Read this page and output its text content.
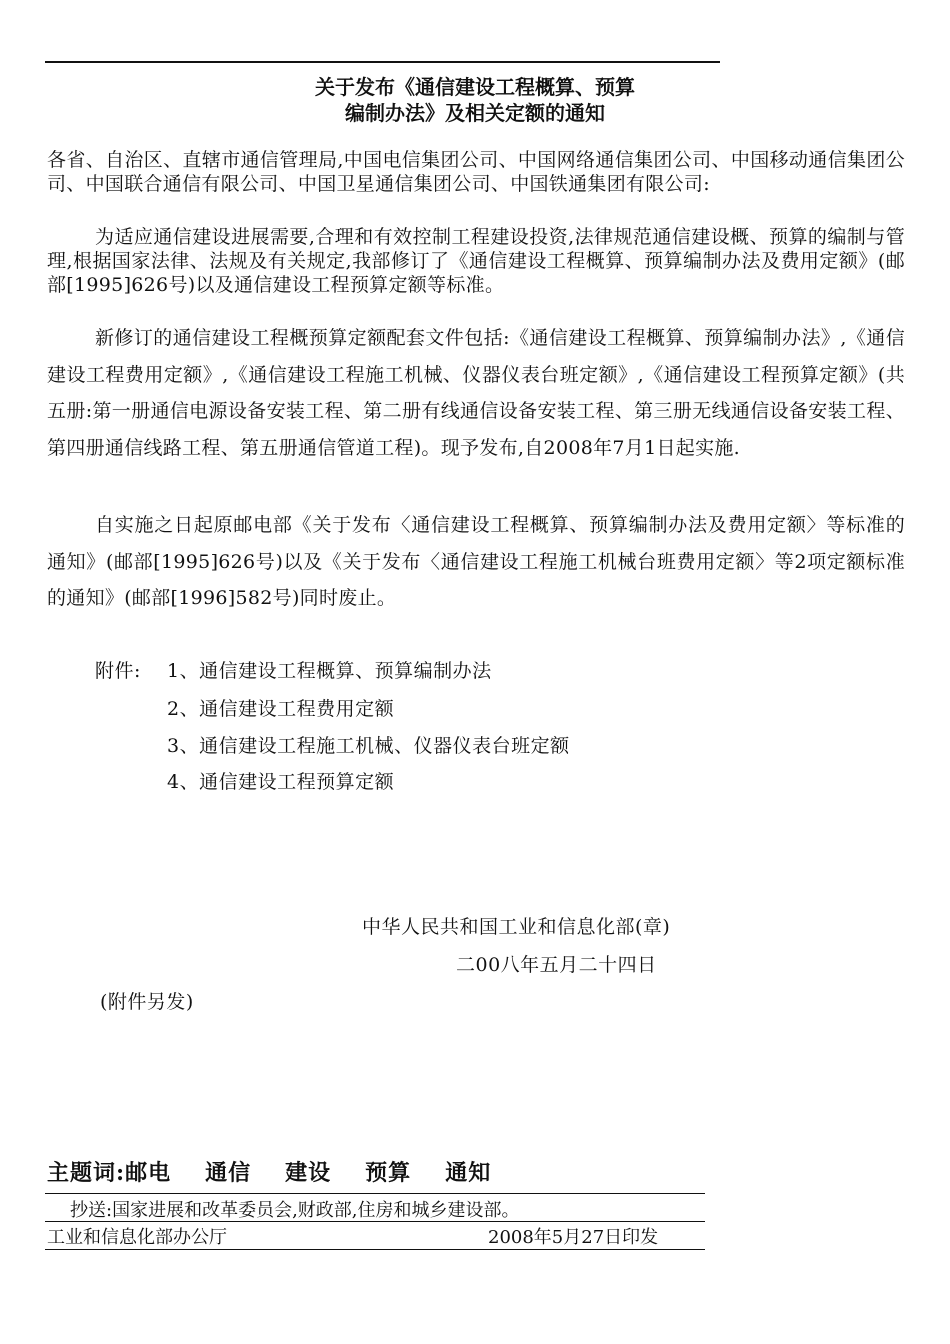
关于发布《通信建设工程概算、预算
编制办法》及相关定额的通知
各省、自治区、直辖市通信管理局,中国电信集团公司、中国网络通信集团公司、中国移动通信集团公司、中国联合通信有限公司、中国卫星通信集团公司、中国铁通集团有限公司:
为适应通信建设进展需要,合理和有效控制工程建设投资,法律规范通信建设概、预算的编制与管理,根据国家法律、法规及有关规定,我部修订了《通信建设工程概算、预算编制办法及费用定额》(邮部[1995]626号)以及通信建设工程预算定额等标准。
新修订的通信建设工程概预算定额配套文件包括:《通信建设工程概算、预算编制办法》,《通信建设工程费用定额》,《通信建设工程施工机械、仪器仪表台班定额》,《通信建设工程预算定额》(共五册:第一册通信电源设备安装工程、第二册有线通信设备安装工程、第三册无线通信设备安装工程、第四册通信线路工程、第五册通信管道工程)。现予发布,自2008年7月1日起实施.
自实施之日起原邮电部《关于发布〈通信建设工程概算、预算编制办法及费用定额〉等标准的通知》(邮部[1995]626号)以及《关于发布〈通信建设工程施工机械台班费用定额〉等2项定额标准的通知》(邮部[1996]582号)同时废止。
附件: 1、通信建设工程概算、预算编制办法
2、通信建设工程费用定额
3、通信建设工程施工机械、仪器仪表台班定额
4、通信建设工程预算定额
中华人民共和国工业和信息化部(章)
二00八年五月二十四日
(附件另发)
主题词:邮电 通信 建设 预算 通知
抄送:国家进展和改革委员会,财政部,住房和城乡建设部。
工业和信息化部办公厅	2008年5月27日印发
